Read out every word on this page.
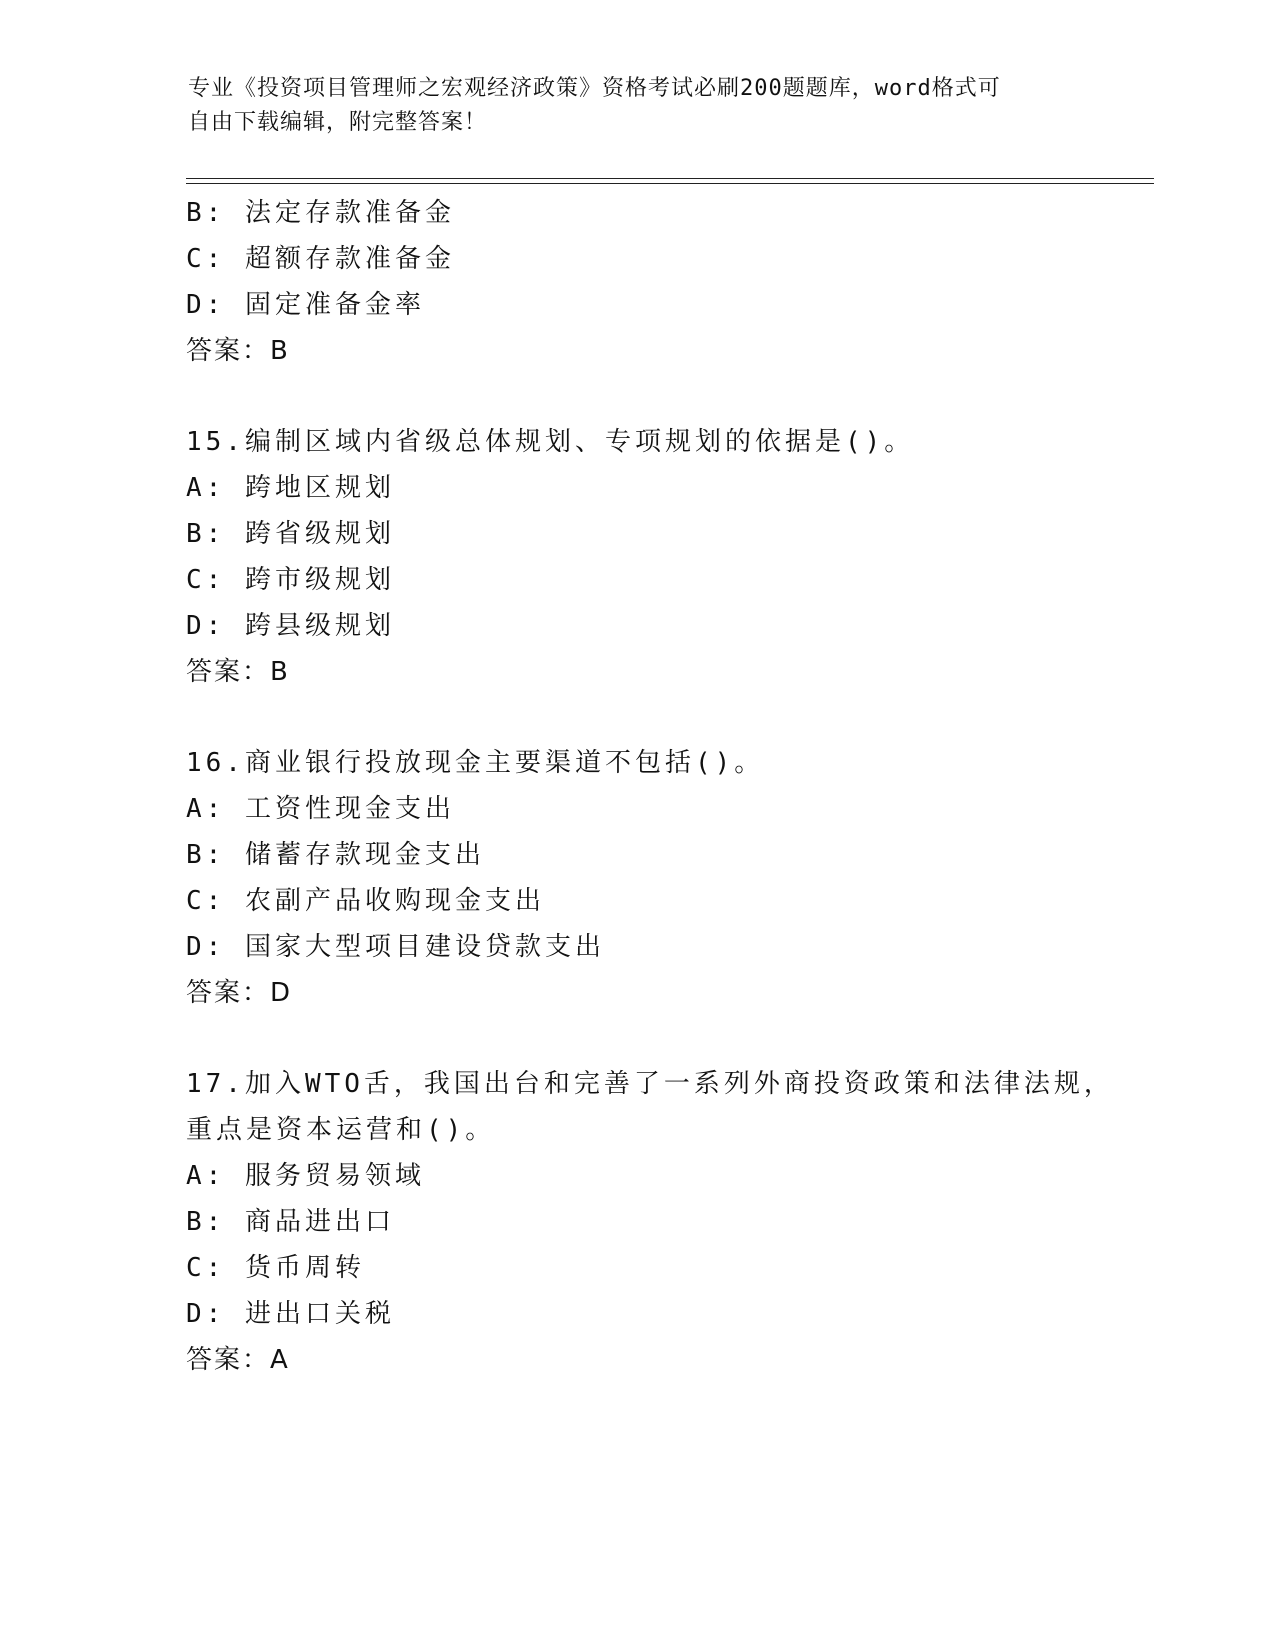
专业《投资项目管理师之宏观经济政策》资格考试必刷200题题库，word格式可
自由下载编辑，附完整答案！
B: 法定存款准备金
C: 超额存款准备金
D: 固定准备金率
答案：B
15.编制区域内省级总体规划、专项规划的依据是()。
A: 跨地区规划
B: 跨省级规划
C: 跨市级规划
D: 跨县级规划
答案：B
16.商业银行投放现金主要渠道不包括()。
A: 工资性现金支出
B: 储蓄存款现金支出
C: 农副产品收购现金支出
D: 国家大型项目建设贷款支出
答案：D
17.加入WTO舌，我国出台和完善了一系列外商投资政策和法律法规，
重点是资本运营和()。
A: 服务贸易领域
B: 商品进出口
C: 货币周转
D: 进出口关税
答案：A
